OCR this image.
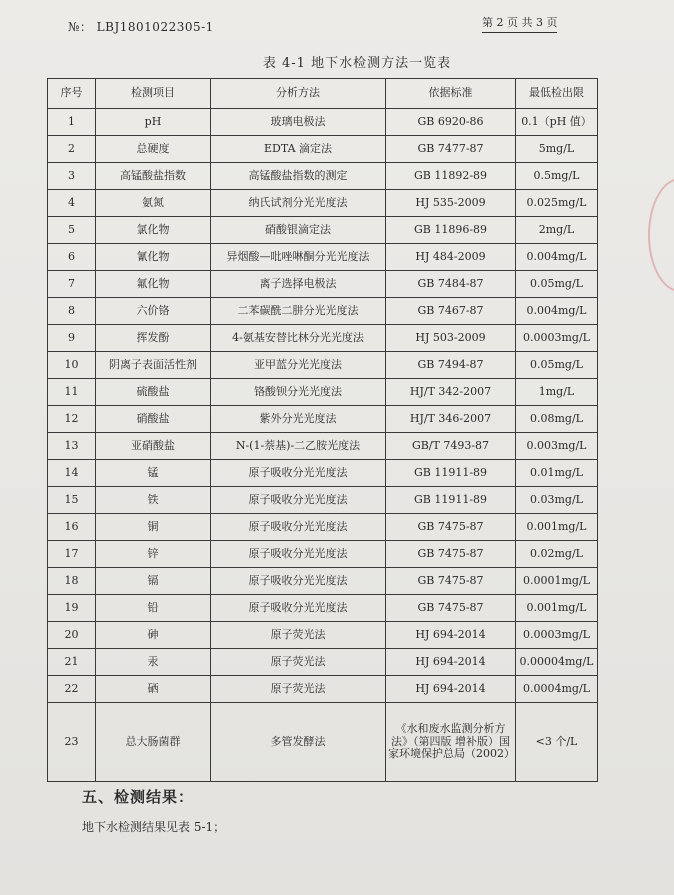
№： LBJ1801022305-1	第 2 页 共 3 页
表 4-1 地下水检测方法一览表
序号	检测项目	分析方法	依据标准	最低检出限
1	pH	玻璃电极法	GB 6920-86	0.1（pH 值）
2	总硬度	EDTA 滴定法	GB 7477-87	5mg/L
3	高锰酸盐指数	高锰酸盐指数的测定	GB 11892-89	0.5mg/L
4	氨氮	纳氏试剂分光光度法	HJ 535-2009	0.025mg/L
5	氯化物	硝酸银滴定法	GB 11896-89	2mg/L
6	氰化物	异烟酸—吡唑啉酮分光光度法	HJ 484-2009	0.004mg/L
7	氟化物	离子选择电极法	GB 7484-87	0.05mg/L
8	六价铬	二苯碳酰二肼分光光度法	GB 7467-87	0.004mg/L
9	挥发酚	4-氨基安替比林分光光度法	HJ 503-2009	0.0003mg/L
10	阴离子表面活性剂	亚甲蓝分光光度法	GB 7494-87	0.05mg/L
11	硫酸盐	铬酸钡分光光度法	HJ/T 342-2007	1mg/L
12	硝酸盐	紫外分光光度法	HJ/T 346-2007	0.08mg/L
13	亚硝酸盐	N-(1-萘基)-二乙胺光度法	GB/T 7493-87	0.003mg/L
14	锰	原子吸收分光光度法	GB 11911-89	0.01mg/L
15	铁	原子吸收分光光度法	GB 11911-89	0.03mg/L
16	铜	原子吸收分光光度法	GB 7475-87	0.001mg/L
17	锌	原子吸收分光光度法	GB 7475-87	0.02mg/L
18	镉	原子吸收分光光度法	GB 7475-87	0.0001mg/L
19	铅	原子吸收分光光度法	GB 7475-87	0.001mg/L
20	砷	原子荧光法	HJ 694-2014	0.0003mg/L
21	汞	原子荧光法	HJ 694-2014	0.00004mg/L
22	硒	原子荧光法	HJ 694-2014	0.0004mg/L
23	总大肠菌群	多管发酵法	《水和废水监测分析方法》（第四版 增补版）国家环境保护总局（2002）	<3 个/L
五、检测结果：
地下水检测结果见表 5-1；
